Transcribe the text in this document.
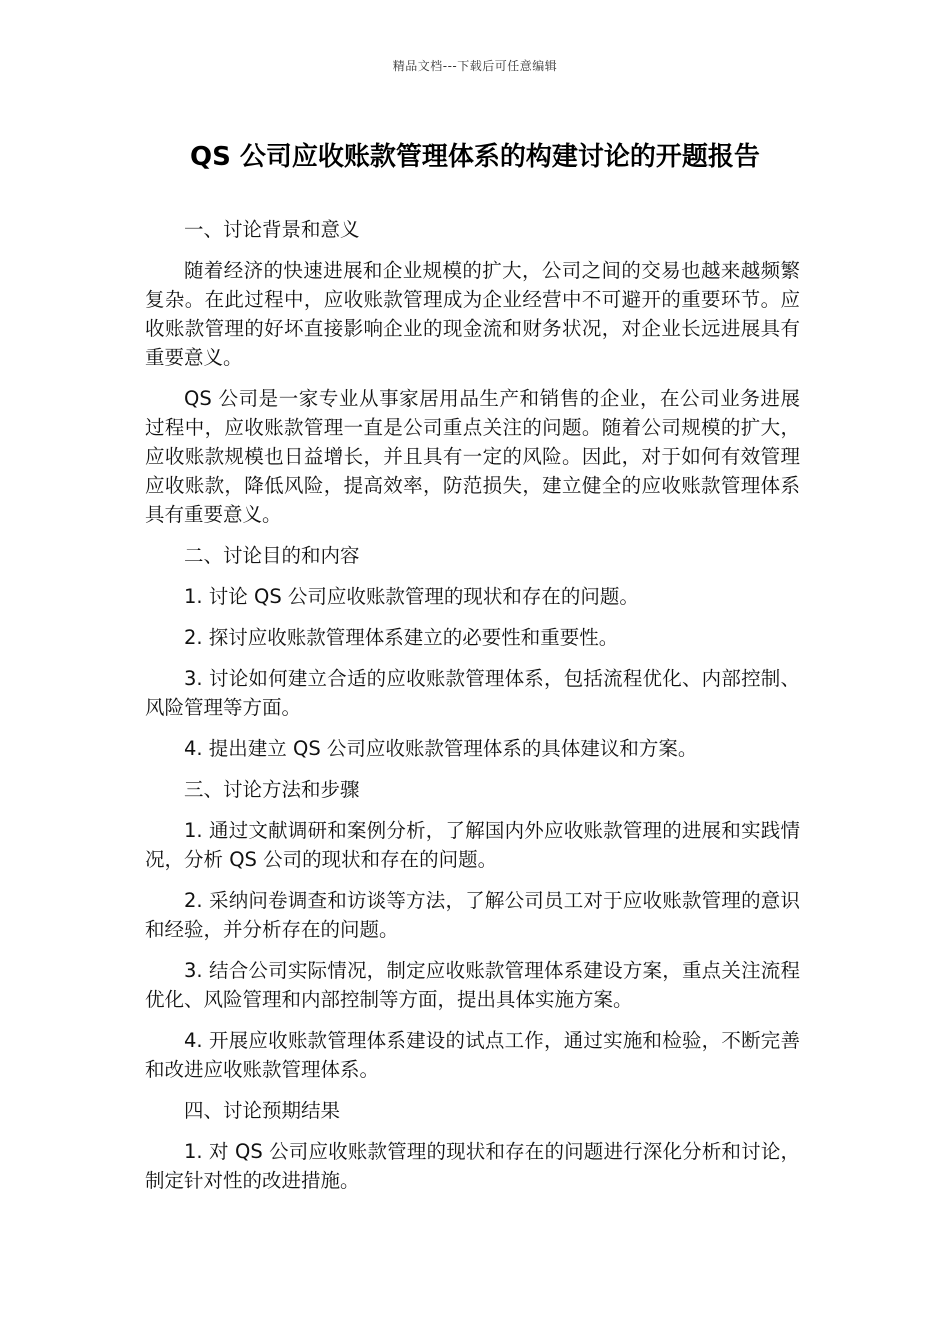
精品文档---下载后可任意编辑
QS 公司应收账款管理体系的构建讨论的开题报告

一、讨论背景和意义

随着经济的快速进展和企业规模的扩大，公司之间的交易也越来越频繁复杂。在此过程中，应收账款管理成为企业经营中不可避开的重要环节。应收账款管理的好坏直接影响企业的现金流和财务状况，对企业长远进展具有重要意义。

QS 公司是一家专业从事家居用品生产和销售的企业，在公司业务进展过程中，应收账款管理一直是公司重点关注的问题。随着公司规模的扩大，应收账款规模也日益增长，并且具有一定的风险。因此，对于如何有效管理应收账款，降低风险，提高效率，防范损失，建立健全的应收账款管理体系具有重要意义。

二、讨论目的和内容

1. 讨论 QS 公司应收账款管理的现状和存在的问题。

2. 探讨应收账款管理体系建立的必要性和重要性。

3. 讨论如何建立合适的应收账款管理体系，包括流程优化、内部控制、风险管理等方面。

4. 提出建立 QS 公司应收账款管理体系的具体建议和方案。

三、讨论方法和步骤

1. 通过文献调研和案例分析，了解国内外应收账款管理的进展和实践情况，分析 QS 公司的现状和存在的问题。

2. 采纳问卷调查和访谈等方法，了解公司员工对于应收账款管理的意识和经验，并分析存在的问题。

3. 结合公司实际情况，制定应收账款管理体系建设方案，重点关注流程优化、风险管理和内部控制等方面，提出具体实施方案。

4. 开展应收账款管理体系建设的试点工作，通过实施和检验，不断完善和改进应收账款管理体系。

四、讨论预期结果

1. 对 QS 公司应收账款管理的现状和存在的问题进行深化分析和讨论，制定针对性的改进措施。
